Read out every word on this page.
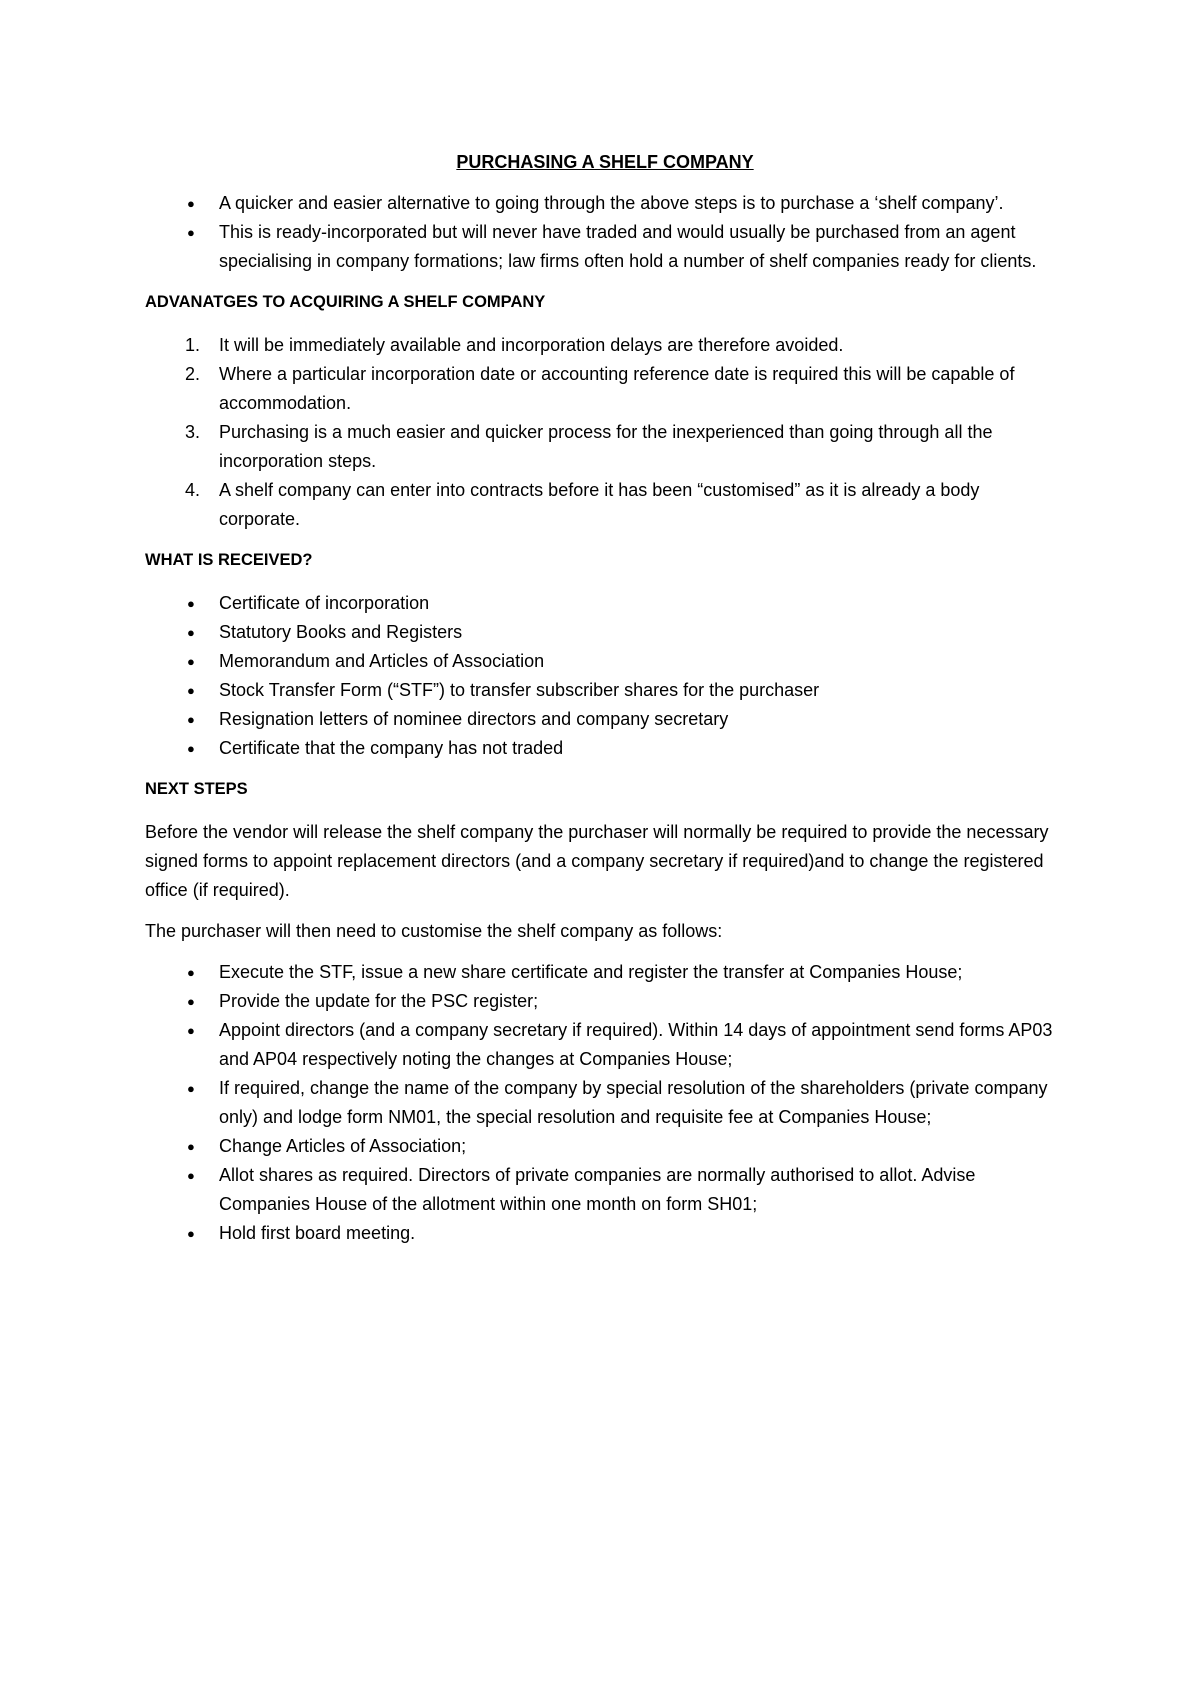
PURCHASING A SHELF COMPANY
● A quicker and easier alternative to going through the above steps is to purchase a ‘shelf company’.
● This is ready-incorporated but will never have traded and would usually be purchased from an agent specialising in company formations; law firms often hold a number of shelf companies ready for clients.
ADVANATGES TO ACQUIRING A SHELF COMPANY
1. It will be immediately available and incorporation delays are therefore avoided.
2. Where a particular incorporation date or accounting reference date is required this will be capable of accommodation.
3. Purchasing is a much easier and quicker process for the inexperienced than going through all the incorporation steps.
4. A shelf company can enter into contracts before it has been “customised” as it is already a body corporate.
WHAT IS RECEIVED?
● Certificate of incorporation
● Statutory Books and Registers
● Memorandum and Articles of Association
● Stock Transfer Form (“STF”) to transfer subscriber shares for the purchaser
● Resignation letters of nominee directors and company secretary
● Certificate that the company has not traded
NEXT STEPS

Before the vendor will release the shelf company the purchaser will normally be required to provide the necessary signed forms to appoint replacement directors (and a company secretary if required)and to change the registered office (if required).

The purchaser will then need to customise the shelf company as follows:

● Execute the STF, issue a new share certificate and register the transfer at Companies House;
● Provide the update for the PSC register;
● Appoint directors (and a company secretary if required). Within 14 days of appointment send forms AP03 and AP04 respectively noting the changes at Companies House;
● If required, change the name of the company by special resolution of the shareholders (private company only) and lodge form NM01, the special resolution and requisite fee at Companies House;
● Change Articles of Association;
● Allot shares as required. Directors of private companies are normally authorised to allot. Advise Companies House of the allotment within one month on form SH01;
● Hold first board meeting.
